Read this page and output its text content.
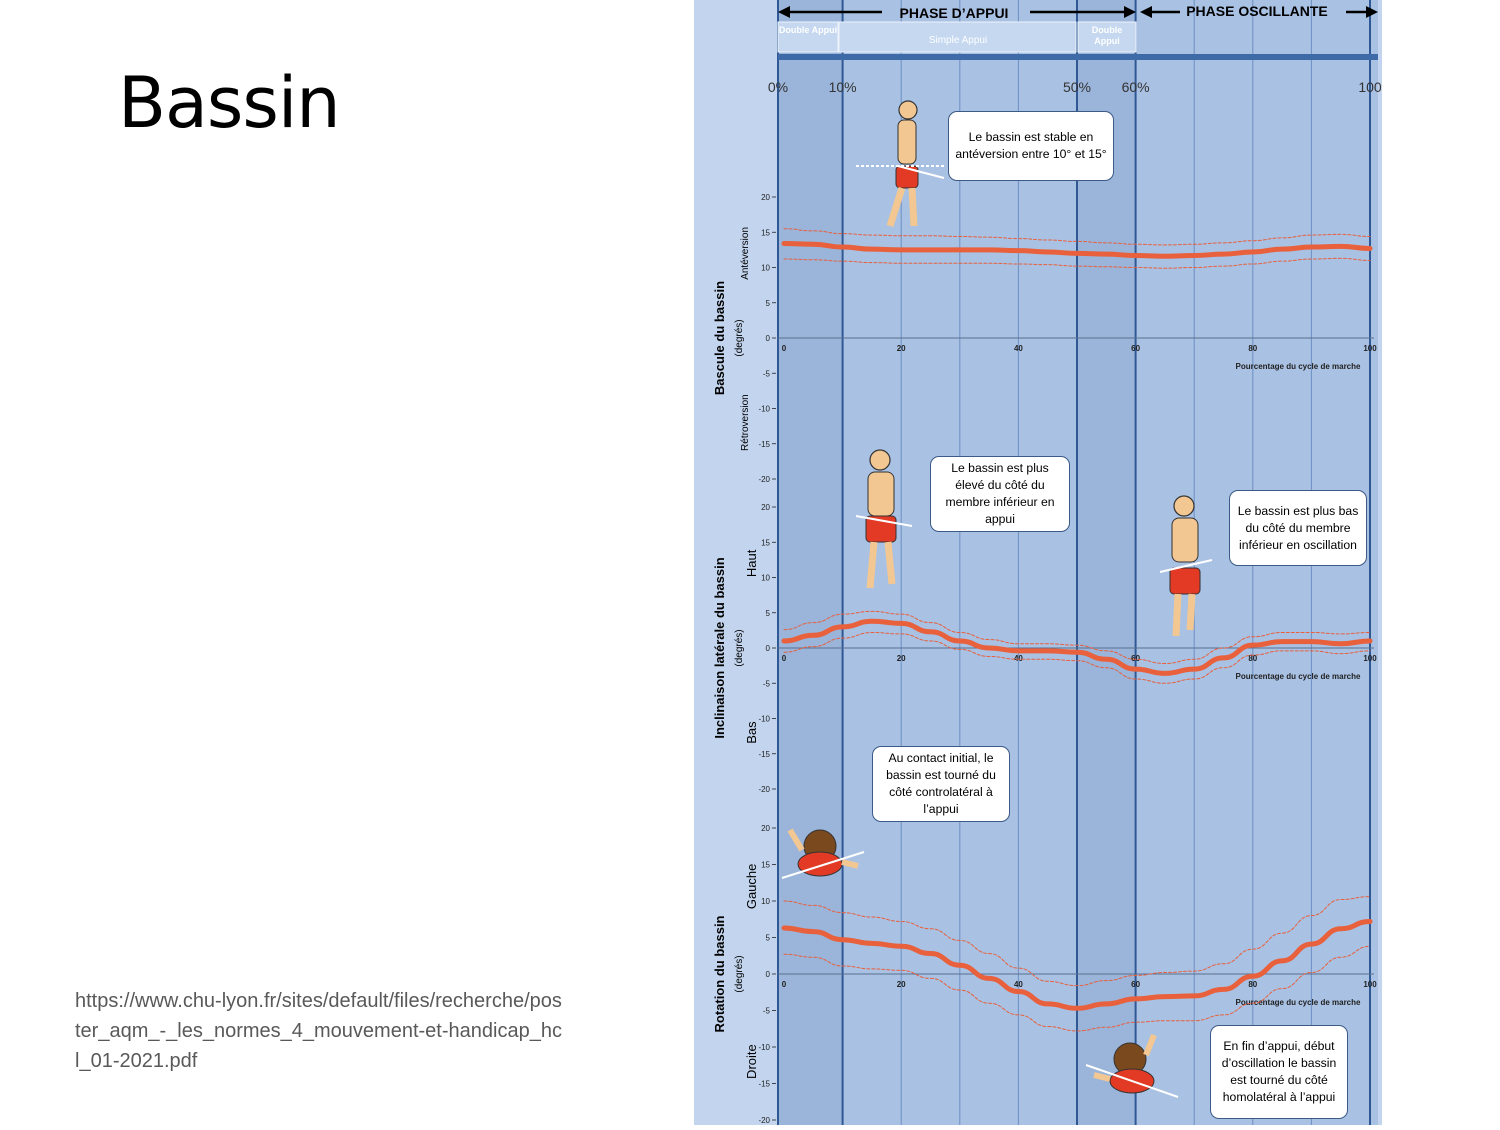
Bassin
https://www.chu-lyon.fr/sites/default/files/recherche/poster_aqm_-_les_normes_4_mouvement-et-handicap_hcl_01-2021.pdf
PHASE D’APPUI	PHASE OSCILLANTE
Double Appui
Simple Appui
Double Appui
0%	10%	50% 60%	100
20
15
10
5
0
-5
-10
-15
-20
0	20	40	60	80	100
Pourcentage du cycle de marche
Bascule du bassin (degrés)
Antéversion
Rétroversion
20
15
10
5
0
-5
-10
-15
-20
0	20	40	60	80	100
Pourcentage du cycle de marche
Inclinaison latérale du bassin (degrés)
Haut
Bas
20
15
10
5
0
-5
-10
-15
-20
0	20	40	60	80	100
Pourcentage du cycle de marche
Rotation du bassin (degrés)
Gauche
Droite
Le bassin est stable en antéversion entre 10° et 15°
Le bassin est plus élevé du côté du membre inférieur en appui
Le bassin est plus bas du côté du membre inférieur en oscillation
Au contact initial, le bassin est tourné du côté controlatéral à l’appui
En fin d’appui, début d’oscillation le bassin est tourné du côté homolatéral à l’appui
